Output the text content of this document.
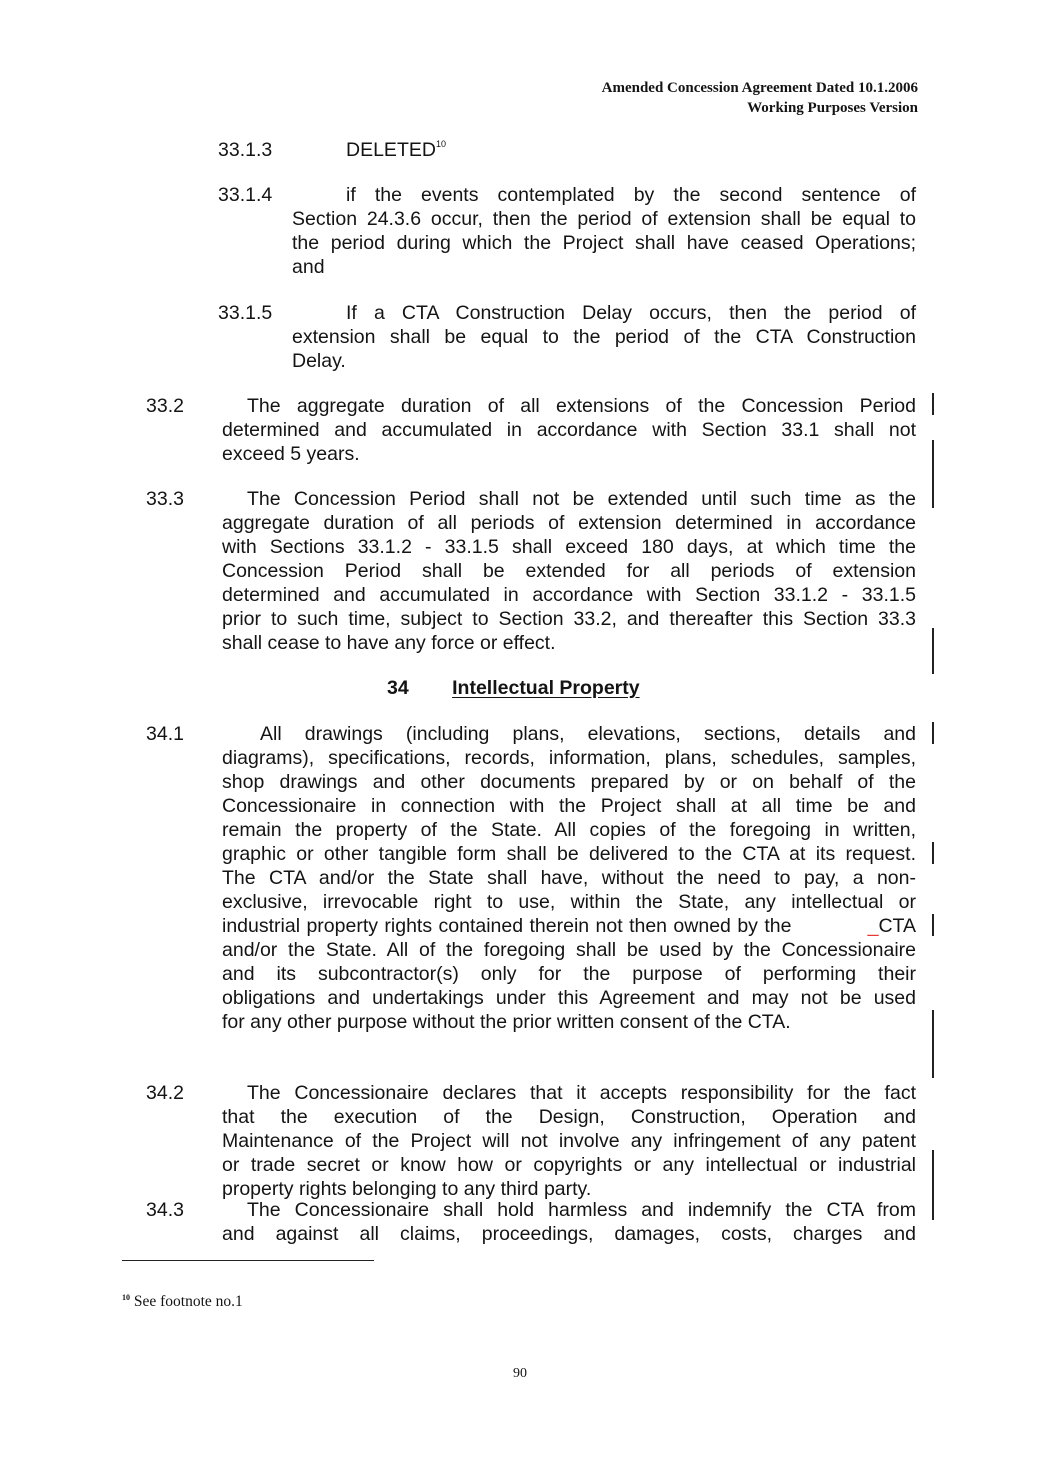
Amended Concession Agreement Dated 10.1.2006
Working Purposes Version
33.1.3	DELETED$^{10}$
33.1.4	if the events contemplated by the second sentence of
Section 24.3.6 occur, then the period of extension shall be equal to
the period during which the Project shall have ceased Operations;
and
33.1.5	If a CTA Construction Delay occurs, then the period of
extension shall be equal to the period of the CTA Construction
Delay.
33.2	The aggregate duration of all extensions of the Concession Period
determined and accumulated in accordance with Section 33.1 shall not
exceed 5 years.
33.3	The Concession Period shall not be extended until such time as the
aggregate duration of all periods of extension determined in accordance
with Sections 33.1.2 - 33.1.5 shall exceed 180 days, at which time the
Concession Period shall be extended for all periods of extension
determined and accumulated in accordance with Section 33.1.2 - 33.1.5
prior to such time, subject to Section 33.2, and thereafter this Section 33.3
shall cease to have any force or effect.
34 Intellectual Property
34.1	All drawings (including plans, elevations, sections, details and
diagrams), specifications, records, information, plans, schedules, samples,
shop drawings and other documents prepared by or on behalf of the
Concessionaire in connection with the Project shall at all time be and
remain the property of the State. All copies of the foregoing in written,
graphic or other tangible form shall be delivered to the CTA at its request.
The CTA and/or the State shall have, without the need to pay, a non-
exclusive, irrevocable right to use, within the State, any intellectual or
industrial property rights contained therein not then owned by the	_CTA
and/or the State. All of the foregoing shall be used by the Concessionaire
and its subcontractor(s) only for the purpose of performing their
obligations and undertakings under this Agreement and may not be used
for any other purpose without the prior written consent of the CTA.
34.2	The Concessionaire declares that it accepts responsibility for the fact
that the execution of the Design, Construction, Operation and
Maintenance of the Project will not involve any infringement of any patent
or trade secret or know how or copyrights or any intellectual or industrial
property rights belonging to any third party.
34.3	The Concessionaire shall hold harmless and indemnify the CTA from
and against all claims, proceedings, damages, costs, charges and
$^{10}$ See footnote no.1
90
